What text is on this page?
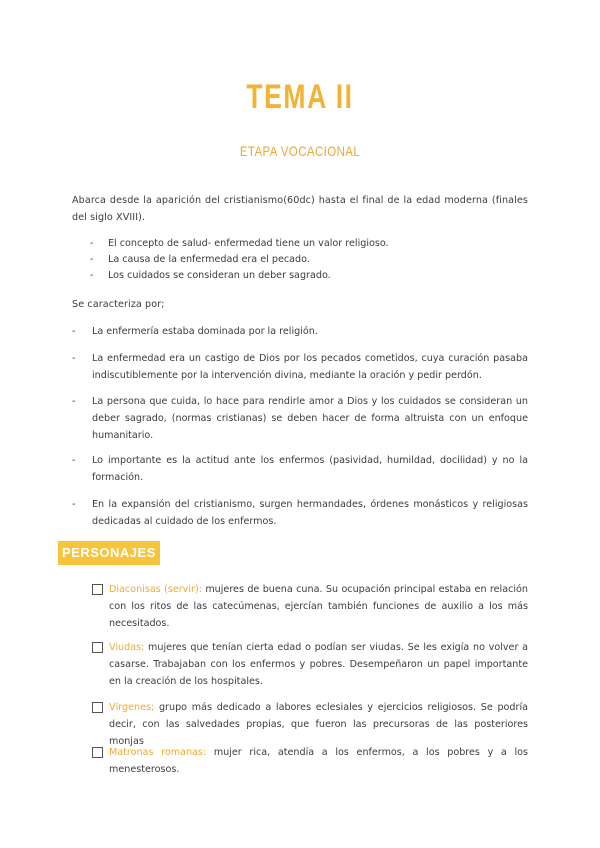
TEMA II
ETAPA VOCACIONAL
Abarca desde la aparición del cristianismo(60dc) hasta el final de la edad moderna (finales del siglo XVIII).
- El concepto de salud- enfermedad tiene un valor religioso.
- La causa de la enfermedad era el pecado.
- Los cuidados se consideran un deber sagrado.
Se caracteriza por;
- La enfermería estaba dominada por la religión.
- La enfermedad era un castigo de Dios por los pecados cometidos, cuya curación pasaba indiscutiblemente por la intervención divina, mediante la oración y pedir perdón.
- La persona que cuida, lo hace para rendirle amor a Dios y los cuidados se consideran un deber sagrado, (normas cristianas) se deben hacer de forma altruista con un enfoque humanitario.
- Lo importante es la actitud ante los enfermos (pasividad, humildad, docilidad) y no la formación.
- En la expansión del cristianismo, surgen hermandades, órdenes monásticos y religiosas dedicadas al cuidado de los enfermos.
PERSONAJES
Diaconisas (servir): mujeres de buena cuna. Su ocupación principal estaba en relación con los ritos de las catecúmenas, ejercían también funciones de auxilio a los más necesitados.
Viudas; mujeres que tenían cierta edad o podían ser viudas. Se les exigía no volver a casarse. Trabajaban con los enfermos y pobres. Desempeñaron un papel importante en la creación de los hospitales.
Vírgenes; grupo más dedicado a labores eclesiales y ejercicios religiosos. Se podría decir, con las salvedades propias, que fueron las precursoras de las posteriores monjas
Matronas romanas: mujer rica, atendía a los enfermos, a los pobres y a los menesterosos.
